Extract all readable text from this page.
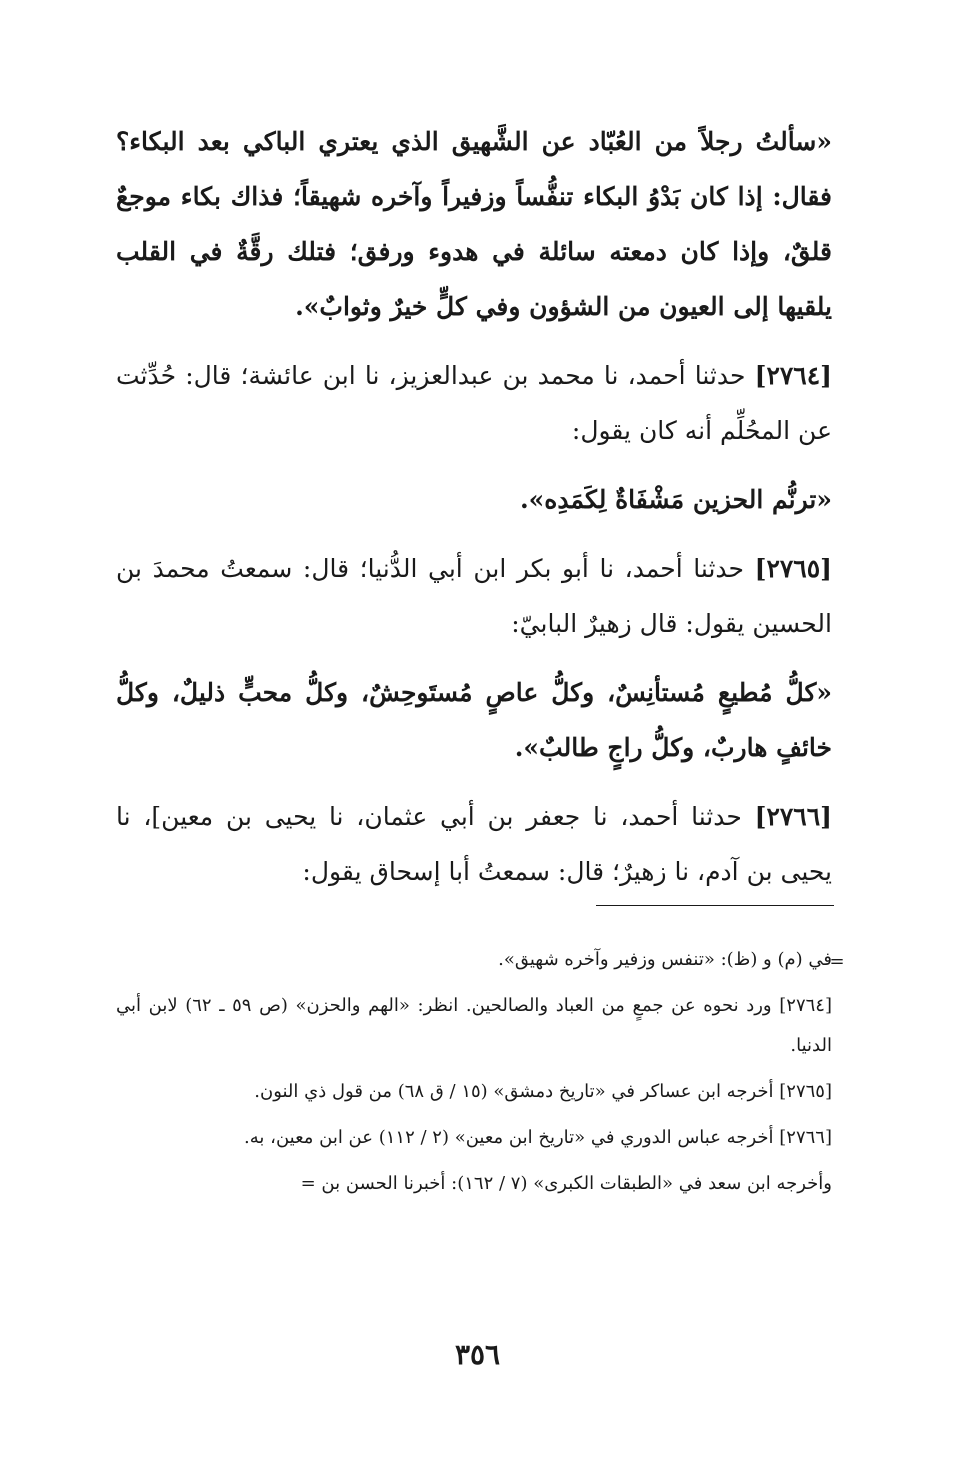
«سألتُ رجلاً من العُبّاد عن الشَّهيق الذي يعتري الباكي بعد البكاء؟ فقال: إذا كان بَدْوُ البكاء تنفُّساً وزفيراً وآخره شهيقاً؛ فذاك بكاء موجعٌ قلقٌ، وإذا كان دمعته سائلة في هدوء ورفق؛ فتلك رقَّةٌ في القلب يلقيها إلى العيون من الشؤون وفي كلٍّ خيرٌ وثوابٌ».

[٢٧٦٤] حدثنا أحمد، نا محمد بن عبدالعزيز، نا ابن عائشة؛ قال: حُدِّثت عن المحُلِّم أنه كان يقول:

«ترنُّم الحزين مَشْفَاةٌ لِكَمَدِه».

[٢٧٦٥] حدثنا أحمد، نا أبو بكر ابن أبي الدُّنيا؛ قال: سمعتُ محمدَ بن الحسين يقول: قال زهيرٌ البابيّ:

«كلُّ مُطيعٍ مُستأنِسٌ، وكلُّ عاصٍ مُستَوحِشٌ، وكلُّ محبٍّ ذليلٌ، وكلُّ خائفٍ هاربٌ، وكلُّ راجٍ طالبٌ».

[٢٧٦٦] حدثنا أحمد، نا جعفر بن أبي عثمان، نا يحيى بن معين]، نا يحيى بن آدم، نا زهيرٌ؛ قال: سمعتُ أبا إسحاق يقول:

=

في (م) و (ظ): «تنفس وزفير وآخره شهيق».

[٢٧٦٤] ورد نحوه عن جمعٍ من العباد والصالحين. انظر: «الهم والحزن» (ص ٥٩ ـ ٦٢) لابن أبي الدنيا.

[٢٧٦٥] أخرجه ابن عساكر في «تاريخ دمشق» (١٥ / ق ٦٨) من قول ذي النون.

[٢٧٦٦] أخرجه عباس الدوري في «تاريخ ابن معين» (٢ / ١١٢) عن ابن معين، به.

وأخرجه ابن سعد في «الطبقات الكبرى» (٧ / ١٦٢): أخبرنا الحسن بن =

٣٥٦
